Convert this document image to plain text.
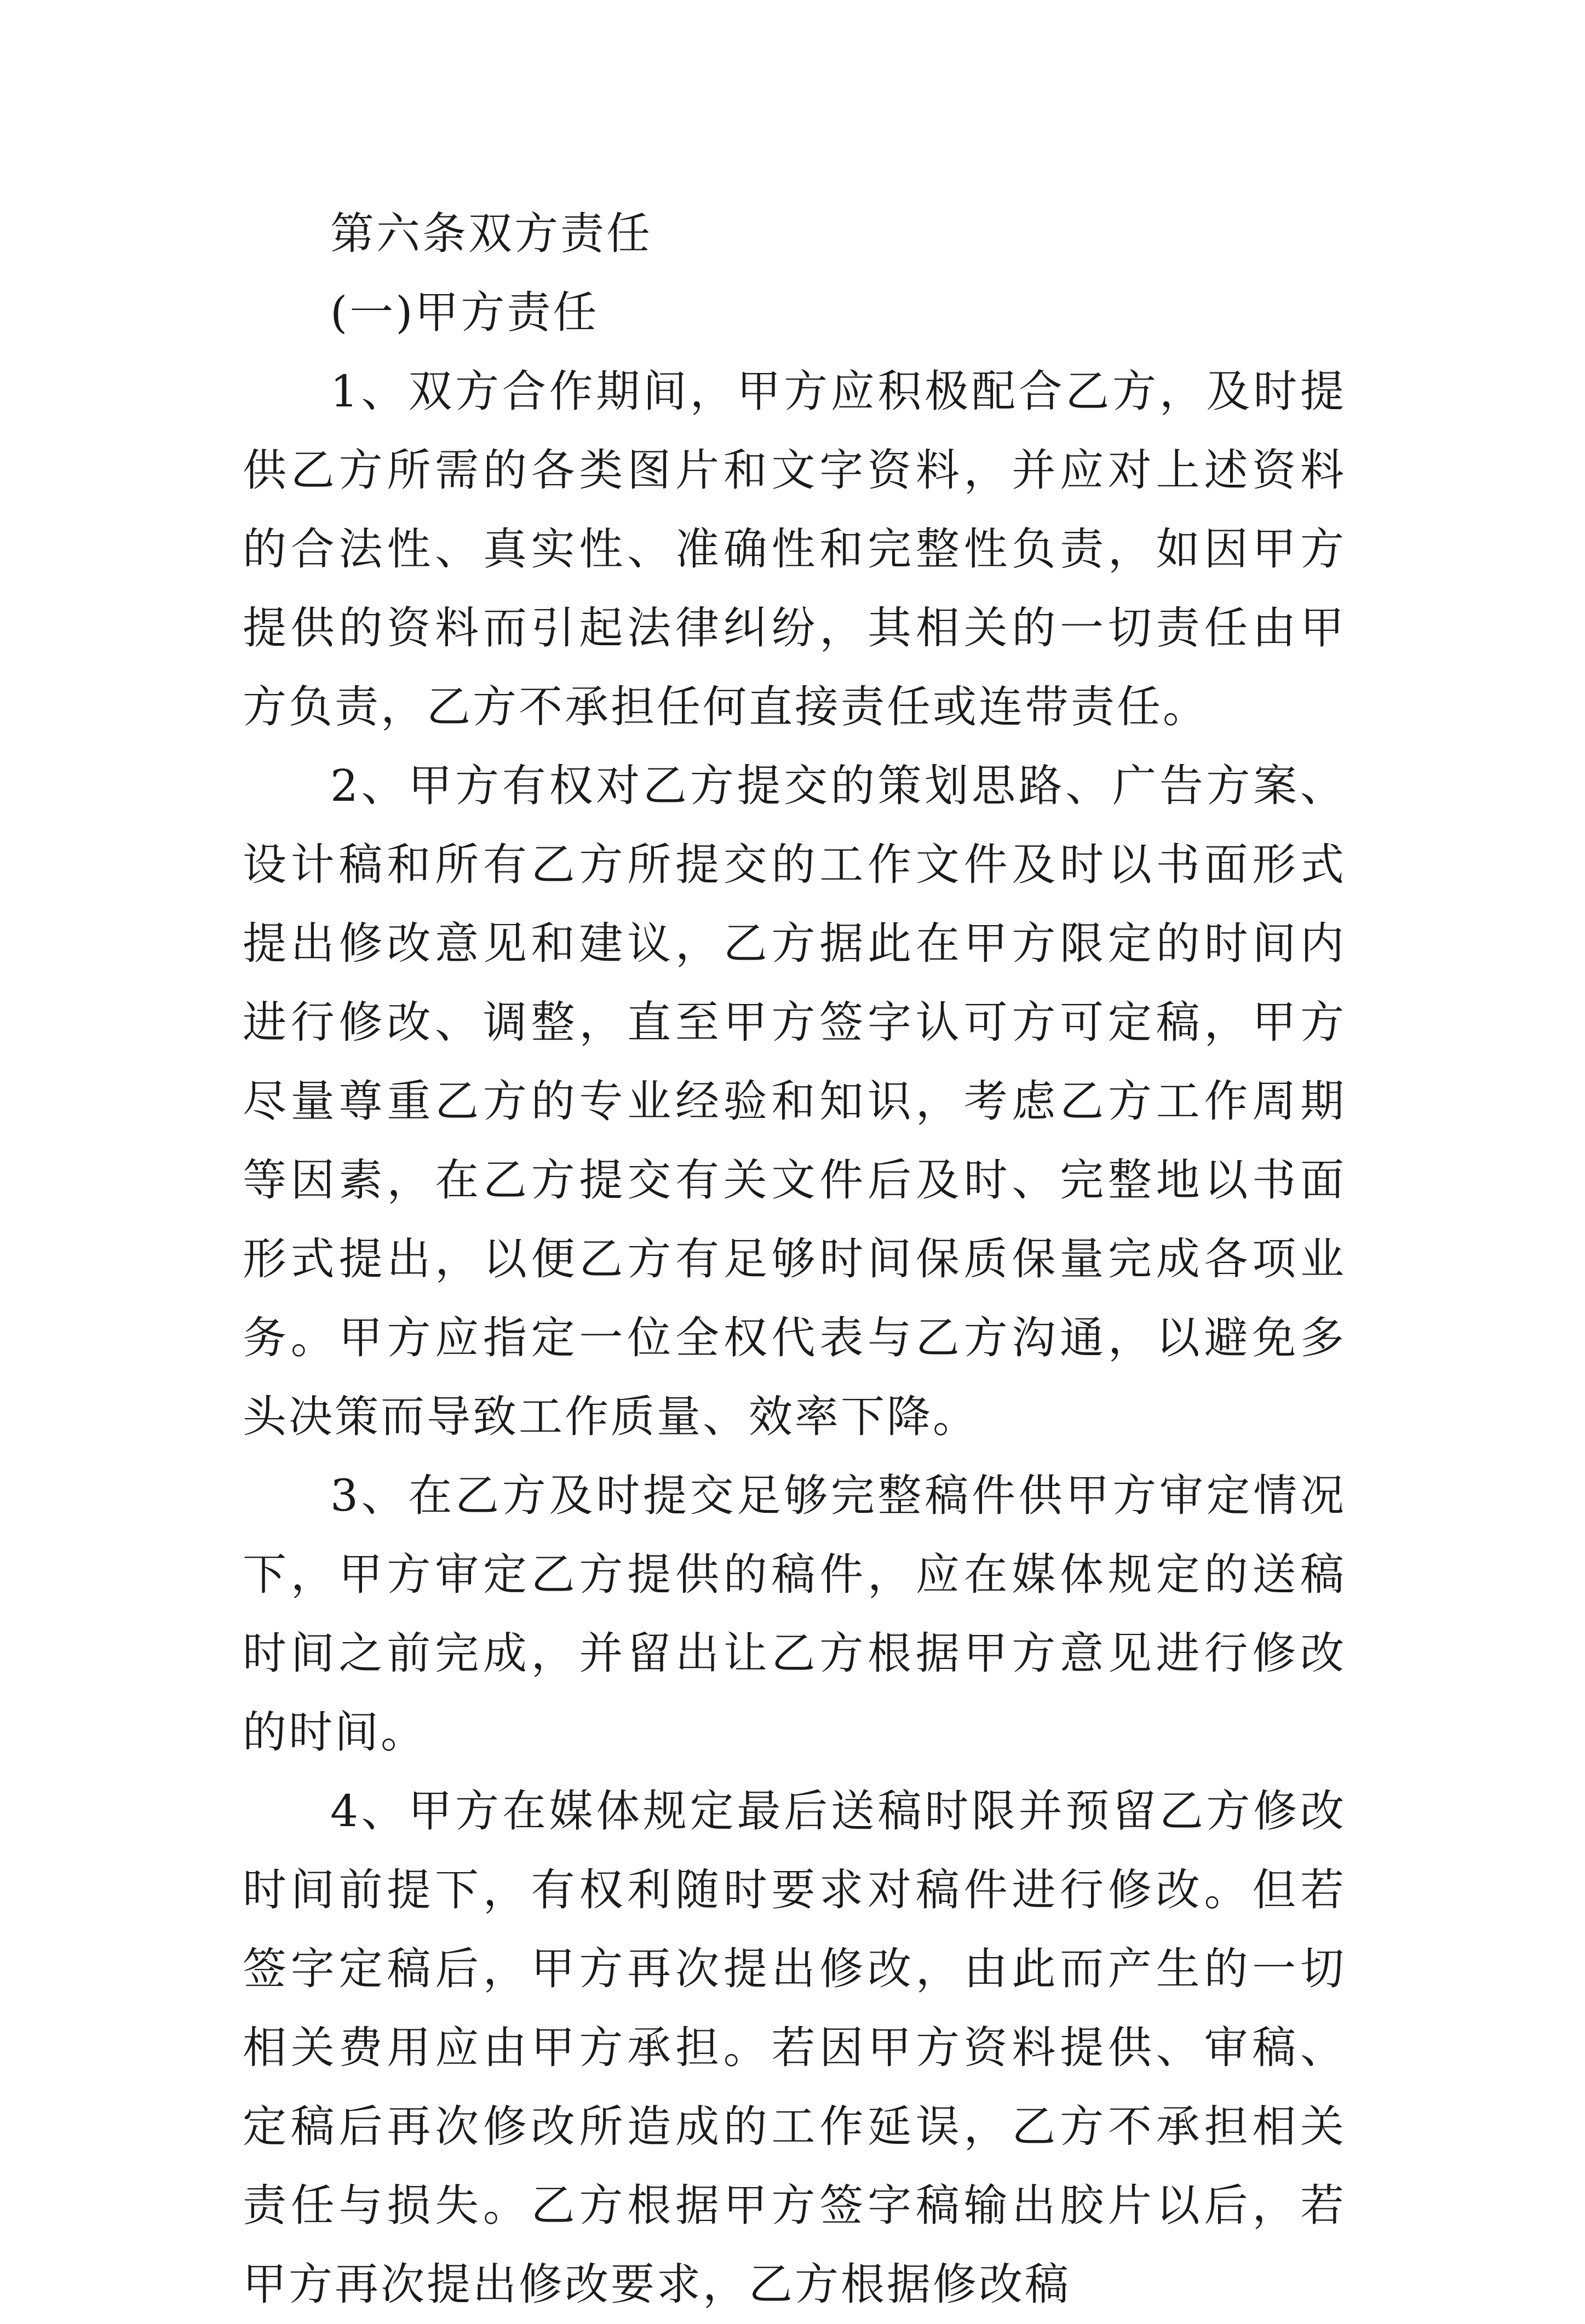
第六条双方责任

(一)甲方责任

1、双方合作期间，甲方应积极配合乙方，及时提供乙方所需的各类图片和文字资料，并应对上述资料的合法性、真实性、准确性和完整性负责，如因甲方提供的资料而引起法律纠纷，其相关的一切责任由甲方负责，乙方不承担任何直接责任或连带责任。

2、甲方有权对乙方提交的策划思路、广告方案、设计稿和所有乙方所提交的工作文件及时以书面形式提出修改意见和建议，乙方据此在甲方限定的时间内进行修改、调整，直至甲方签字认可方可定稿，甲方尽量尊重乙方的专业经验和知识，考虑乙方工作周期等因素，在乙方提交有关文件后及时、完整地以书面形式提出，以便乙方有足够时间保质保量完成各项业务。甲方应指定一位全权代表与乙方沟通，以避免多头决策而导致工作质量、效率下降。

3、在乙方及时提交足够完整稿件供甲方审定情况下，甲方审定乙方提供的稿件，应在媒体规定的送稿时间之前完成，并留出让乙方根据甲方意见进行修改的时间。

4、甲方在媒体规定最后送稿时限并预留乙方修改时间前提下，有权利随时要求对稿件进行修改。但若签字定稿后，甲方再次提出修改，由此而产生的一切相关费用应由甲方承担。若因甲方资料提供、审稿、定稿后再次修改所造成的工作延误，乙方不承担相关责任与损失。乙方根据甲方签字稿输出胶片以后，若甲方再次提出修改要求，乙方根据修改稿
